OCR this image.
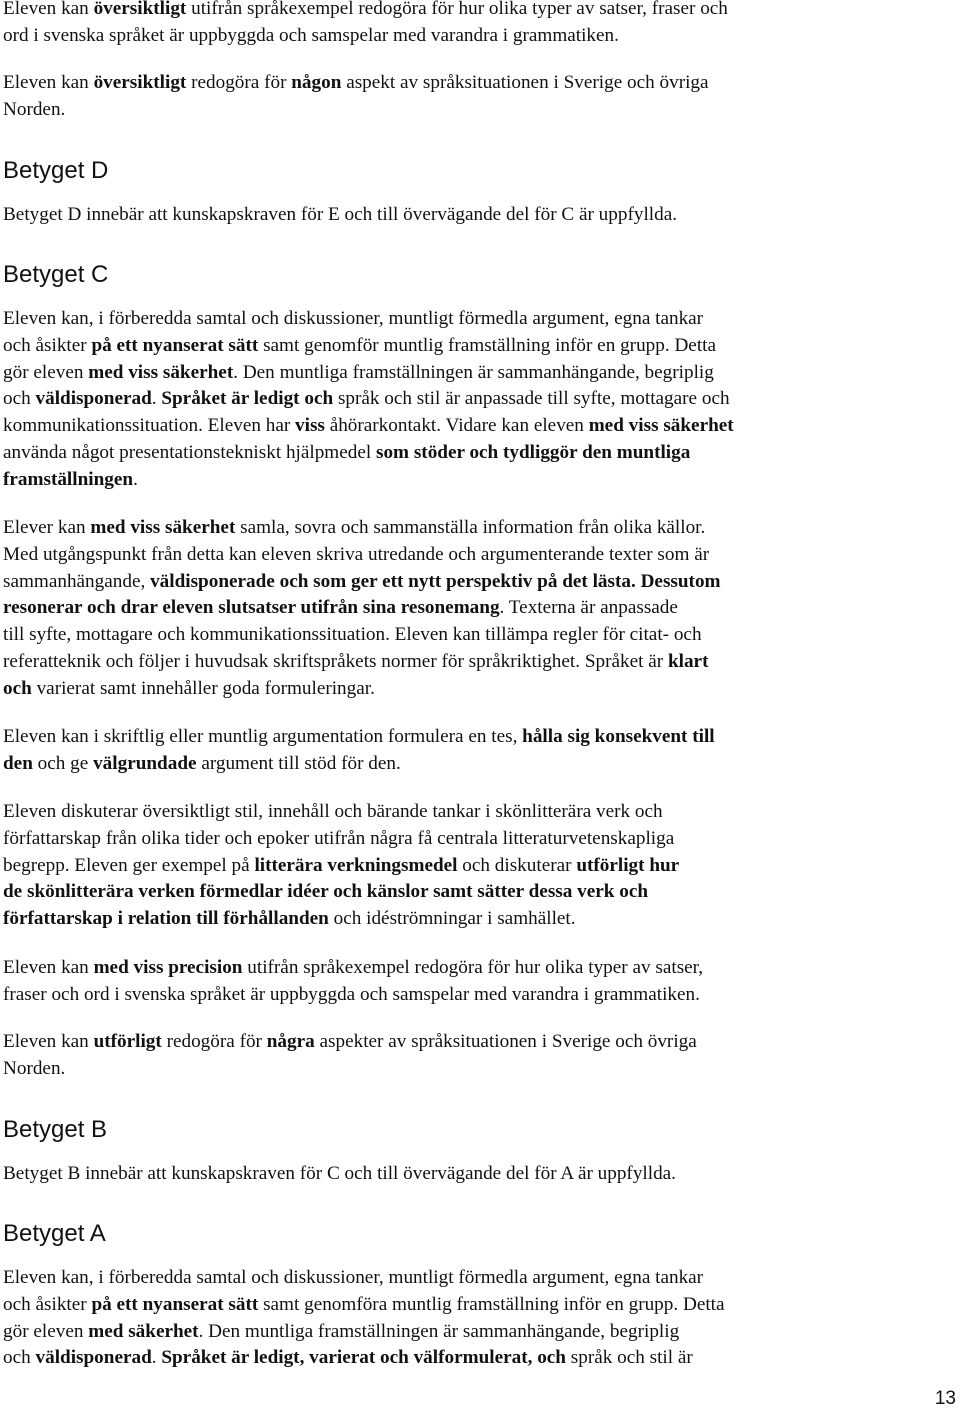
Eleven kan översiktligt utifrån språkexempel redogöra för hur olika typer av satser, fraser och
ord i svenska språket är uppbyggda och samspelar med varandra i grammatiken.
Eleven kan översiktligt redogöra för någon aspekt av språksituationen i Sverige och övriga
Norden.
Betyget D
Betyget D innebär att kunskapskraven för E och till övervägande del för C är uppfyllda.
Betyget C
Eleven kan, i förberedda samtal och diskussioner, muntligt förmedla argument, egna tankar
och åsikter på ett nyanserat sätt samt genomför muntlig framställning inför en grupp. Detta
gör eleven med viss säkerhet. Den muntliga framställningen är sammanhängande, begriplig
och väldisponerad. Språket är ledigt och språk och stil är anpassade till syfte, mottagare och
kommunikationssituation. Eleven har viss åhörarkontakt. Vidare kan eleven med viss säkerhet
använda något presentationstekniskt hjälpmedel som stöder och tydliggör den muntliga
framställningen.
Elever kan med viss säkerhet samla, sovra och sammanställa information från olika källor.
Med utgångspunkt från detta kan eleven skriva utredande och argumenterande texter som är
sammanhängande, väldisponerade och som ger ett nytt perspektiv på det lästa. Dessutom
resonerar och drar eleven slutsatser utifrån sina resonemang. Texterna är anpassade
till syfte, mottagare och kommunikationssituation. Eleven kan tillämpa regler för citat- och
referatteknik och följer i huvudsak skriftspråkets normer för språkriktighet. Språket är klart
och varierat samt innehåller goda formuleringar.
Eleven kan i skriftlig eller muntlig argumentation formulera en tes, hålla sig konsekvent till
den och ge välgrundade argument till stöd för den.
Eleven diskuterar översiktligt stil, innehåll och bärande tankar i skönlitterära verk och
författarskap från olika tider och epoker utifrån några få centrala litteraturvetenskapliga
begrepp. Eleven ger exempel på litterära verkningsmedel och diskuterar utförligt hur
de skönlitterära verken förmedlar idéer och känslor samt sätter dessa verk och
författarskap i relation till förhållanden och idéströmningar i samhället.
Eleven kan med viss precision utifrån språkexempel redogöra för hur olika typer av satser,
fraser och ord i svenska språket är uppbyggda och samspelar med varandra i grammatiken.
Eleven kan utförligt redogöra för några aspekter av språksituationen i Sverige och övriga
Norden.
Betyget B
Betyget B innebär att kunskapskraven för C och till övervägande del för A är uppfyllda.
Betyget A
Eleven kan, i förberedda samtal och diskussioner, muntligt förmedla argument, egna tankar
och åsikter på ett nyanserat sätt samt genomföra muntlig framställning inför en grupp. Detta
gör eleven med säkerhet. Den muntliga framställningen är sammanhängande, begriplig
och väldisponerad. Språket är ledigt, varierat och välformulerat, och språk och stil är
13
